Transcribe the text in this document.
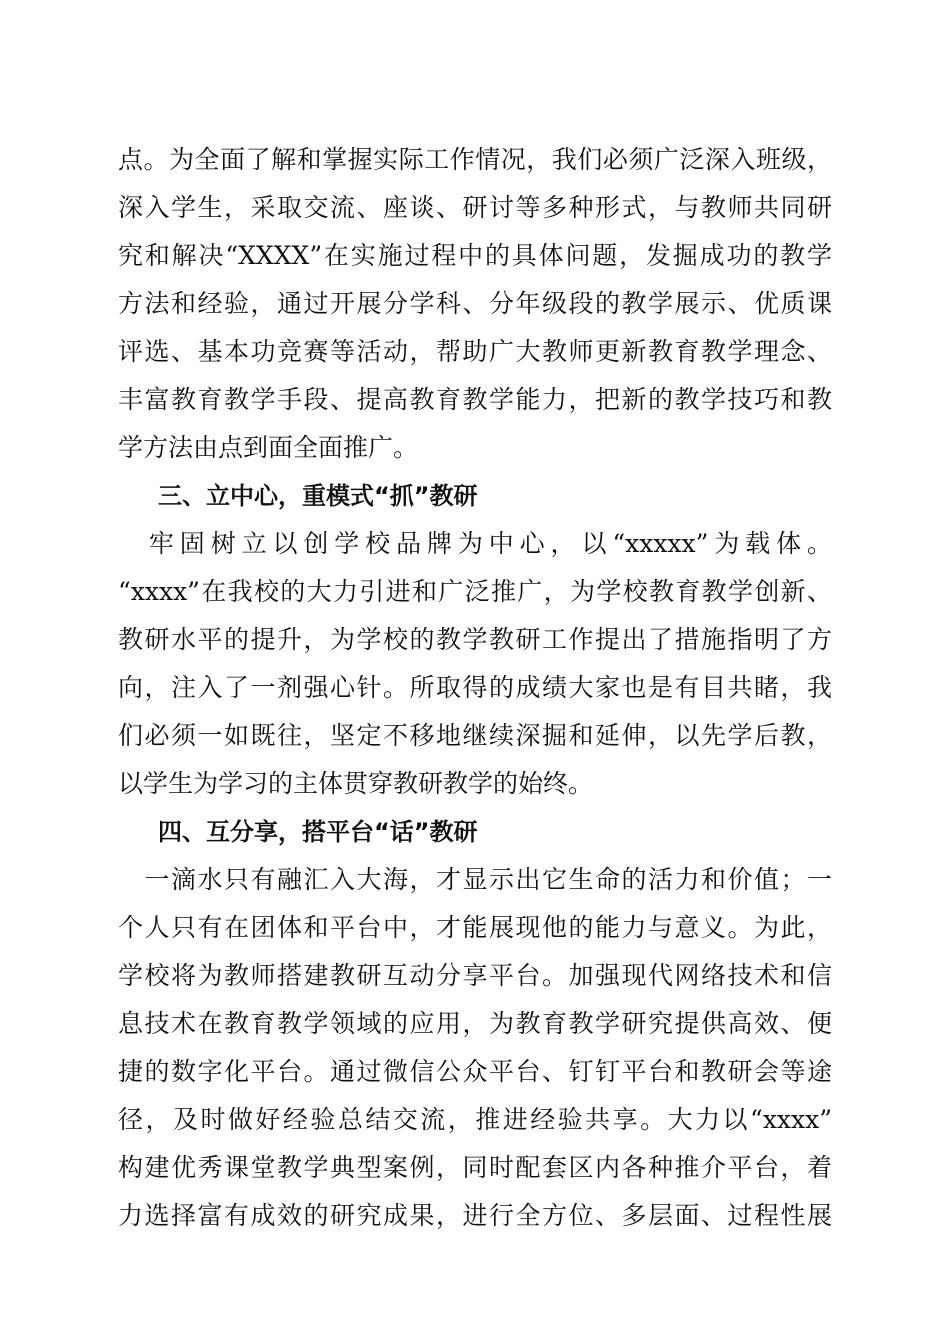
点。为全面了解和掌握实际工作情况，我们必须广泛深入班级，
深入学生，采取交流、座谈、研讨等多种形式，与教师共同研
究和解决“XXXX”在实施过程中的具体问题，发掘成功的教学
方法和经验，通过开展分学科、分年级段的教学展示、优质课
评选、基本功竞赛等活动，帮助广大教师更新教育教学理念、
丰富教育教学手段、提高教育教学能力，把新的教学技巧和教
学方法由点到面全面推广。
三、立中心，重模式“抓”教研
　牢固树立以创学校品牌为中心，以“xxxxx”为载体。
“xxxx”在我校的大力引进和广泛推广，为学校教育教学创新、
教研水平的提升，为学校的教学教研工作提出了措施指明了方
向，注入了一剂强心针。所取得的成绩大家也是有目共睹，我
们必须一如既往，坚定不移地继续深掘和延伸，以先学后教，
以学生为学习的主体贯穿教研教学的始终。
四、互分享，搭平台“话”教研
　一滴水只有融汇入大海，才显示出它生命的活力和价值；一
个人只有在团体和平台中，才能展现他的能力与意义。为此，
学校将为教师搭建教研互动分享平台。加强现代网络技术和信
息技术在教育教学领域的应用，为教育教学研究提供高效、便
捷的数字化平台。通过微信公众平台、钉钉平台和教研会等途
径，及时做好经验总结交流，推进经验共享。大力以“xxxx”
构建优秀课堂教学典型案例，同时配套区内各种推介平台，着
力选择富有成效的研究成果，进行全方位、多层面、过程性展
